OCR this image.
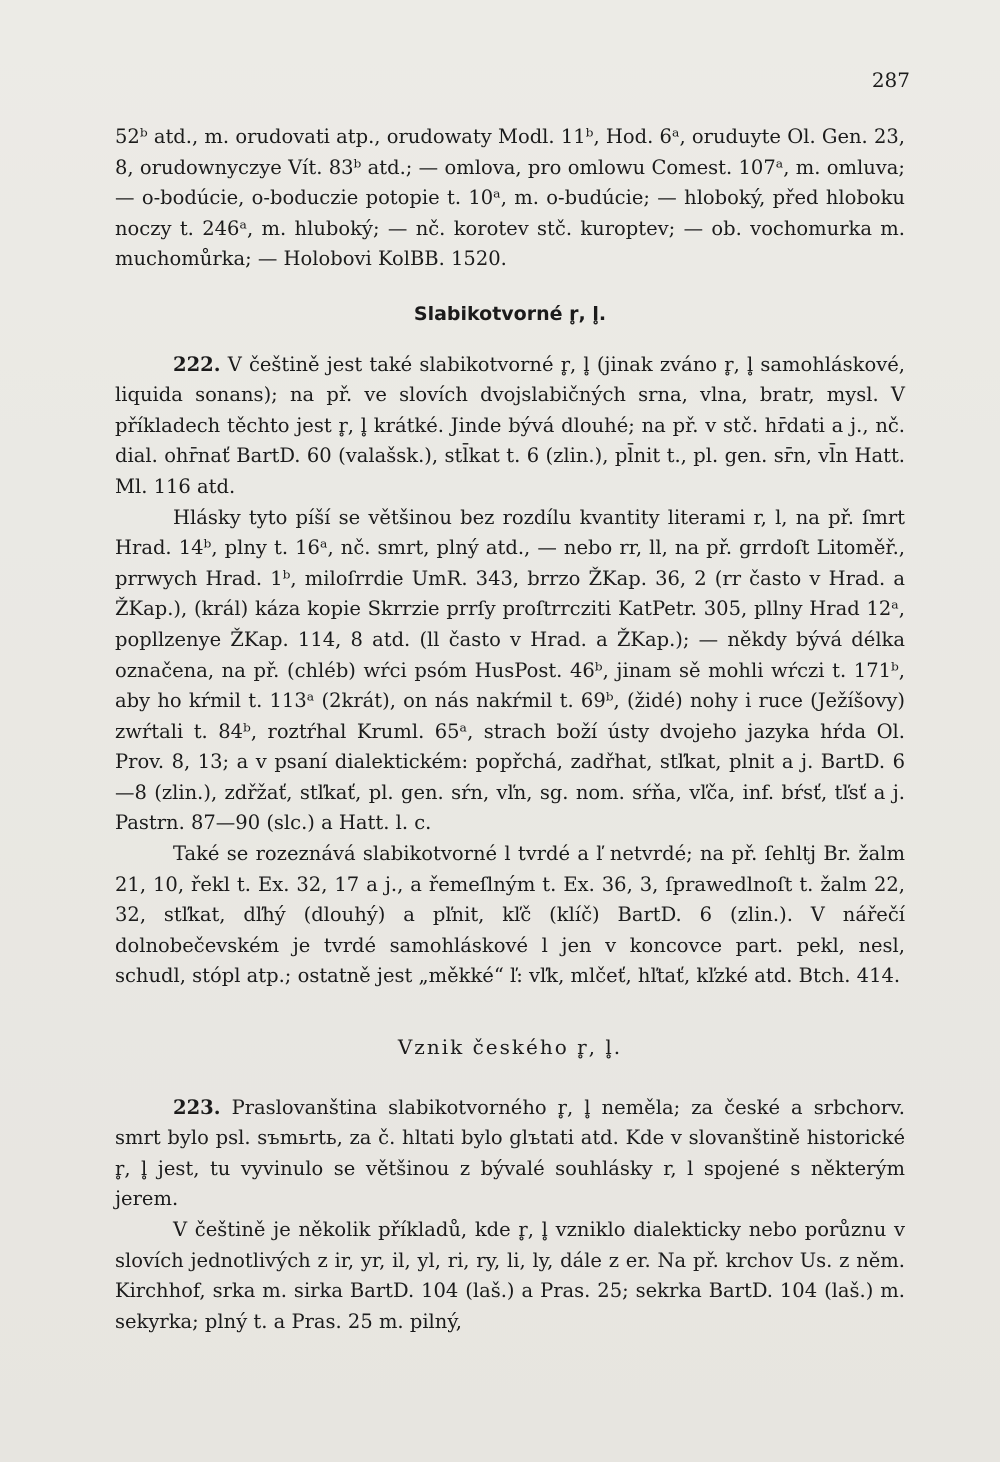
287

52ᵇ atd., m. orudovati atp., orudowaty Modl. 11ᵇ, Hod. 6ᵃ, oruduyte Ol. Gen. 23, 8, orudownyczye Vít. 83ᵇ atd.; — omlova, pro omlowu Comest. 107ᵃ, m. omluva; — o-bodúcie, o-boduczie potopie t. 10ᵃ, m. o-budúcie; — hloboký, před hloboku noczy t. 246ᵃ, m. hluboký; — nč. korotev stč. kuroptev; — ob. vochomurka m. muchomůrka; — Holobovi KolBB. 1520.

Slabikotvorné r̥, l̥.

222. V češtině jest také slabikotvorné r̥, l̥ (jinak zváno r̥, l̥ samohláskové, liquida sonans); na př. ve slovích dvojslabičných srna, vlna, bratr, mysl. V příkladech těchto jest r̥, l̥ krátké. Jinde bývá dlouhé; na př. v stč. hr̄dati a j., nč. dial. ohr̄nať BartD. 60 (valašsk.), stl̄kat t. 6 (zlin.), pl̄nit t., pl. gen. sr̄n, vl̄n Hatt. Ml. 116 atd.

Hlásky tyto píší se většinou bez rozdílu kvantity literami r, l, na př. ſmrt Hrad. 14ᵇ, plny t. 16ᵃ, nč. smrt, plný atd., — nebo rr, ll, na př. grrdoſt Litoměř., prrwych Hrad. 1ᵇ, miloſrrdie UmR. 343, brrzo ŽKap. 36, 2 (rr často v Hrad. a ŽKap.), (král) káza kopie Skrrzie prrſy proſtrrcziti KatPetr. 305, pllny Hrad 12ᵃ, popllzenye ŽKap. 114, 8 atd. (ll často v Hrad. a ŽKap.); — někdy bývá délka označena, na př. (chléb) wŕci psóm HusPost. 46ᵇ, jinam sě mohli wŕczi t. 171ᵇ, aby ho kŕmil t. 113ᵃ (2krát), on nás nakŕmil t. 69ᵇ, (židé) nohy i ruce (Ježíšovy) zwŕtali t. 84ᵇ, roztŕhal Kruml. 65ᵃ, strach boží ústy dvojeho jazyka hŕda Ol. Prov. 8, 13; a v psaní dialektickém: popřchá, zadřhat, stľkat, plnit a j. BartD. 6—8 (zlin.), zdřžať, stľkať, pl. gen. sŕn, vľn, sg. nom. sŕňa, vľča, inf. bŕsť, tľsť a j. Pastrn. 87—90 (slc.) a Hatt. l. c.

Také se rozeznává slabikotvorné l tvrdé a ľ netvrdé; na př. ſehltj Br. žalm 21, 10, řekl t. Ex. 32, 17 a j., a řemeſlným t. Ex. 36, 3, ſprawedlnoſt t. žalm 22, 32, stľkat, dľhý (dlouhý) a pľnit, kľč (klíč) BartD. 6 (zlin.). V nářečí dolnobečevském je tvrdé samohláskové l jen v koncovce part. pekl, nesl, schudl, stópl atp.; ostatně jest „měkké“ ľ: vľk, mlčeť, hľtať, kľzké atd. Btch. 414.

Vznik českého r̥, l̥.

223. Praslovanština slabikotvorného r̥, l̥ neměla; za české a srbchorv. smrt bylo psl. sъmьrtь, za č. hltati bylo glъtati atd. Kde v slovanštině historické r̥, l̥ jest, tu vyvinulo se většinou z bývalé souhlásky r, l spojené s některým jerem.

V češtině je několik příkladů, kde r̥, l̥ vzniklo dialekticky nebo porůznu v slovích jednotlivých z ir, yr, il, yl, ri, ry, li, ly, dále z er. Na př. krchov Us. z něm. Kirchhof, srka m. sirka BartD. 104 (laš.) a Pras. 25; sekrka BartD. 104 (laš.) m. sekyrka; plný t. a Pras. 25 m. pilný,
